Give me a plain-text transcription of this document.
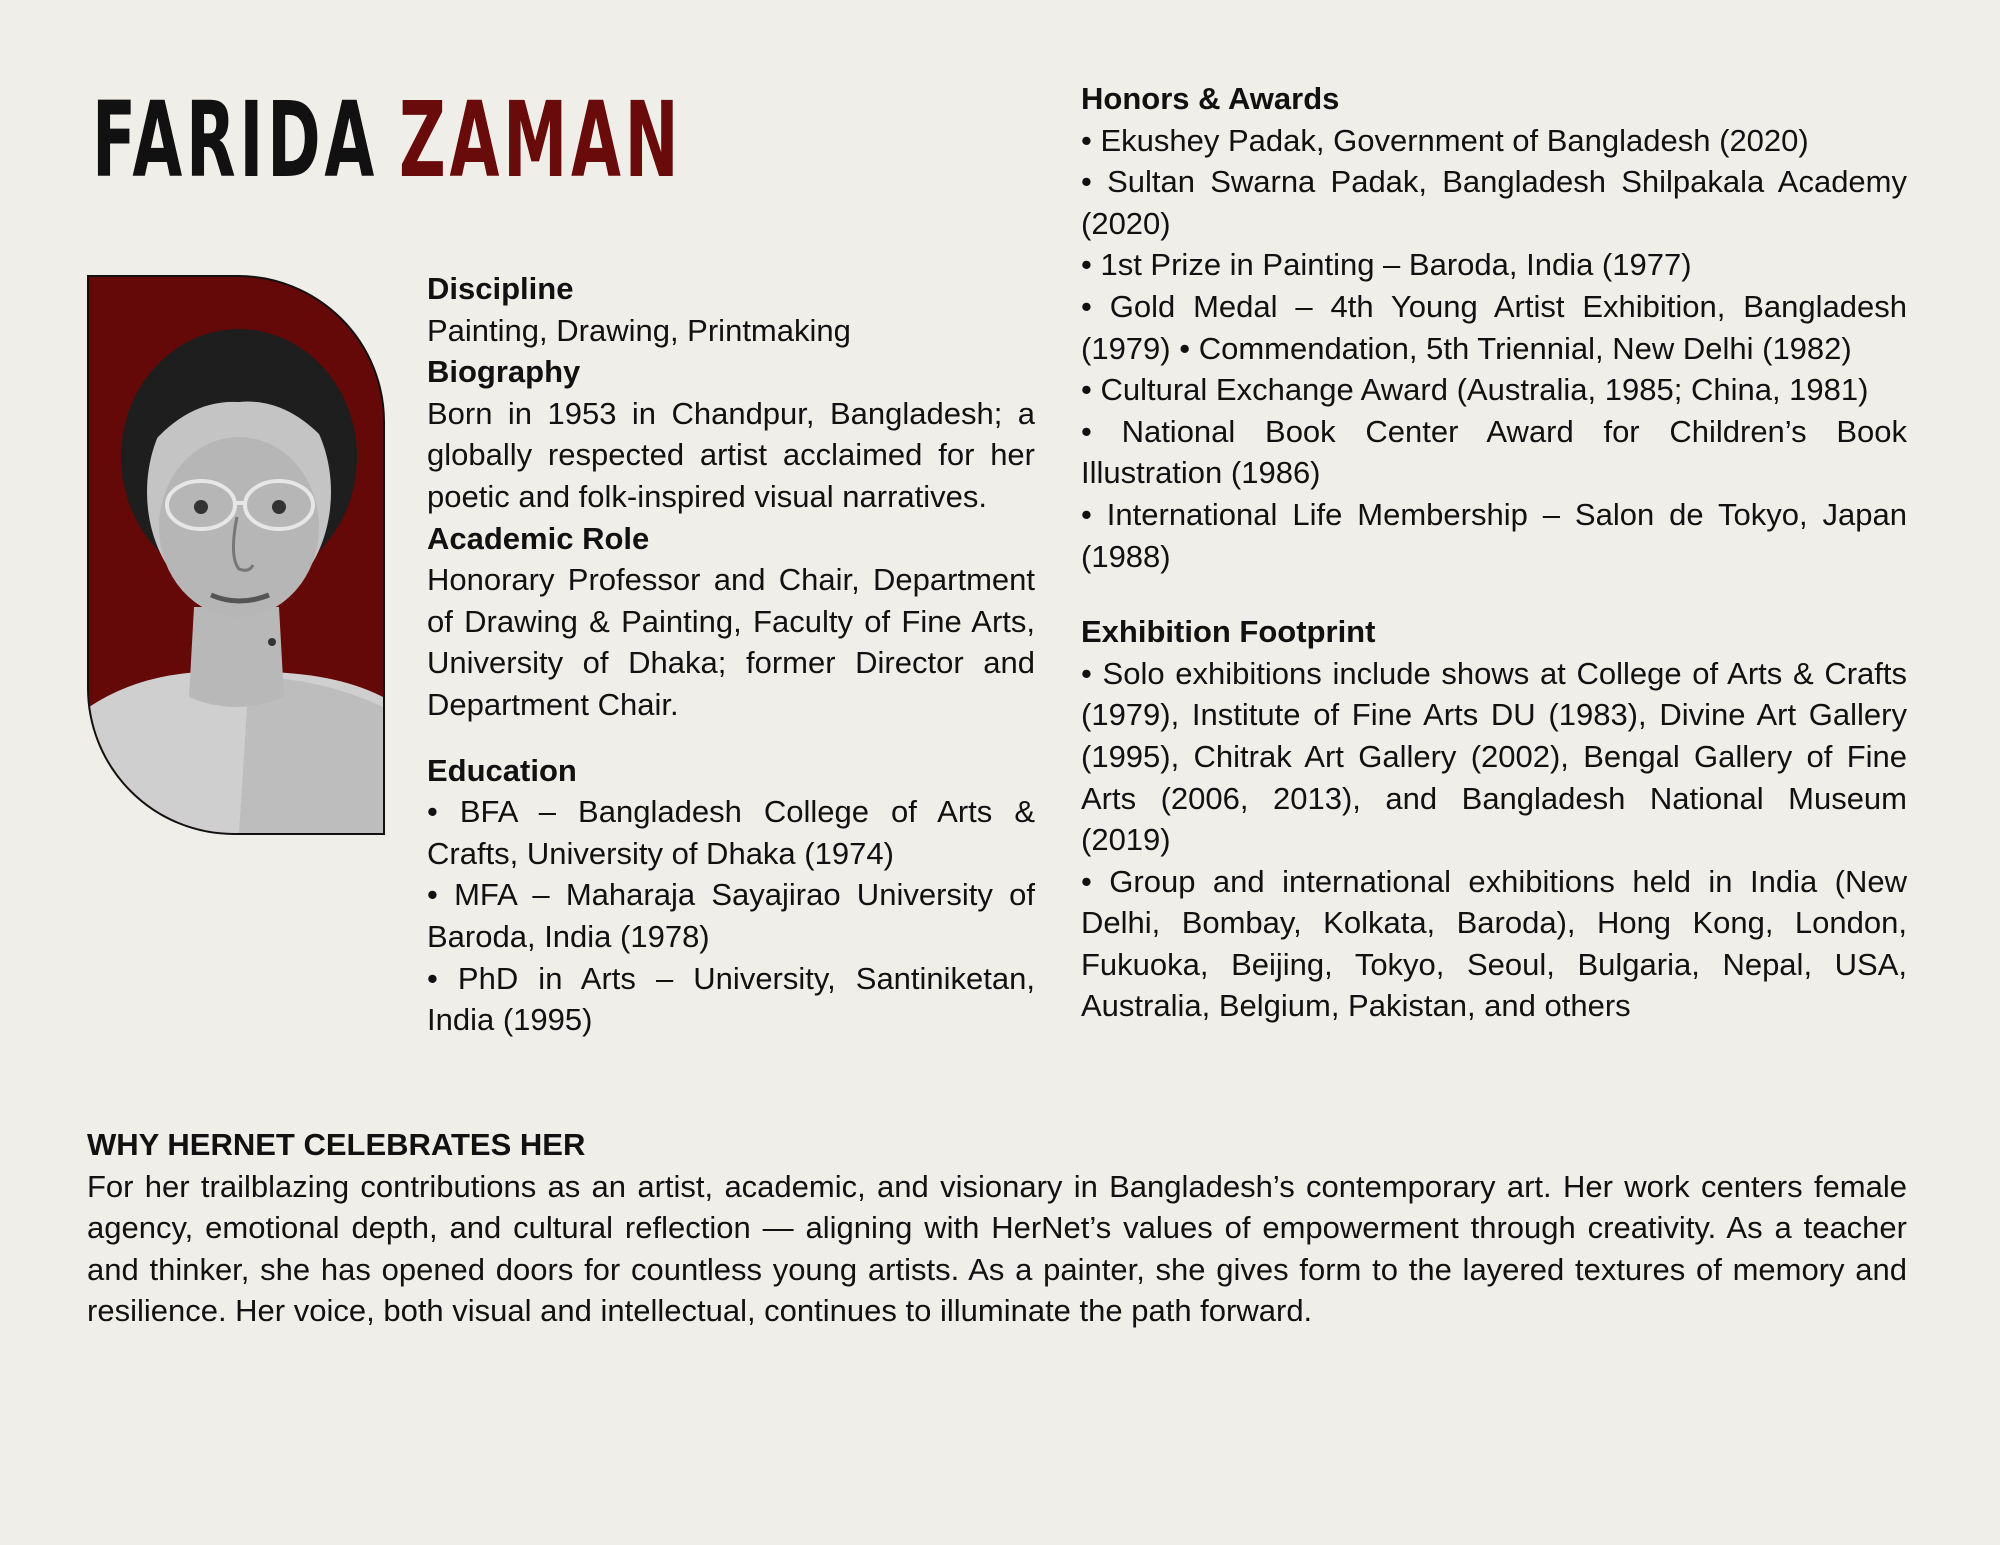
FARIDA ZAMAN
Discipline
Painting, Drawing, Printmaking
Biography
Born in 1953 in Chandpur, Bangladesh; a globally respected artist acclaimed for her poetic and folk-inspired visual narratives.
Academic Role
Honorary Professor and Chair, Department of Drawing & Painting, Faculty of Fine Arts, University of Dhaka; former Director and Department Chair.
Education
• BFA – Bangladesh College of Arts & Crafts, University of Dhaka (1974)
• MFA – Maharaja Sayajirao University of Baroda, India (1978)
• PhD in Arts – University, Santiniketan, India (1995)
Honors & Awards
• Ekushey Padak, Government of Bangladesh (2020)
• Sultan Swarna Padak, Bangladesh Shilpakala Academy (2020)
• 1st Prize in Painting – Baroda, India (1977)
• Gold Medal – 4th Young Artist Exhibition, Bangladesh (1979) • Commendation, 5th Triennial, New Delhi (1982)
• Cultural Exchange Award (Australia, 1985; China, 1981)
• National Book Center Award for Children’s Book Illustration (1986)
• International Life Membership – Salon de Tokyo, Japan (1988)
Exhibition Footprint
• Solo exhibitions include shows at College of Arts & Crafts (1979), Institute of Fine Arts DU (1983), Divine Art Gallery (1995), Chitrak Art Gallery (2002), Bengal Gallery of Fine Arts (2006, 2013), and Bangladesh National Museum (2019)
• Group and international exhibitions held in India (New Delhi, Bombay, Kolkata, Baroda), Hong Kong, London, Fukuoka, Beijing, Tokyo, Seoul, Bulgaria, Nepal, USA, Australia, Belgium, Pakistan, and others
WHY HERNET CELEBRATES HER
For her trailblazing contributions as an artist, academic, and visionary in Bangladesh’s contemporary art. Her work centers female agency, emotional depth, and cultural reflection — aligning with HerNet’s values of empowerment through creativity. As a teacher and thinker, she has opened doors for countless young artists. As a painter, she gives form to the layered textures of memory and resilience. Her voice, both visual and intellectual, continues to illuminate the path forward.
